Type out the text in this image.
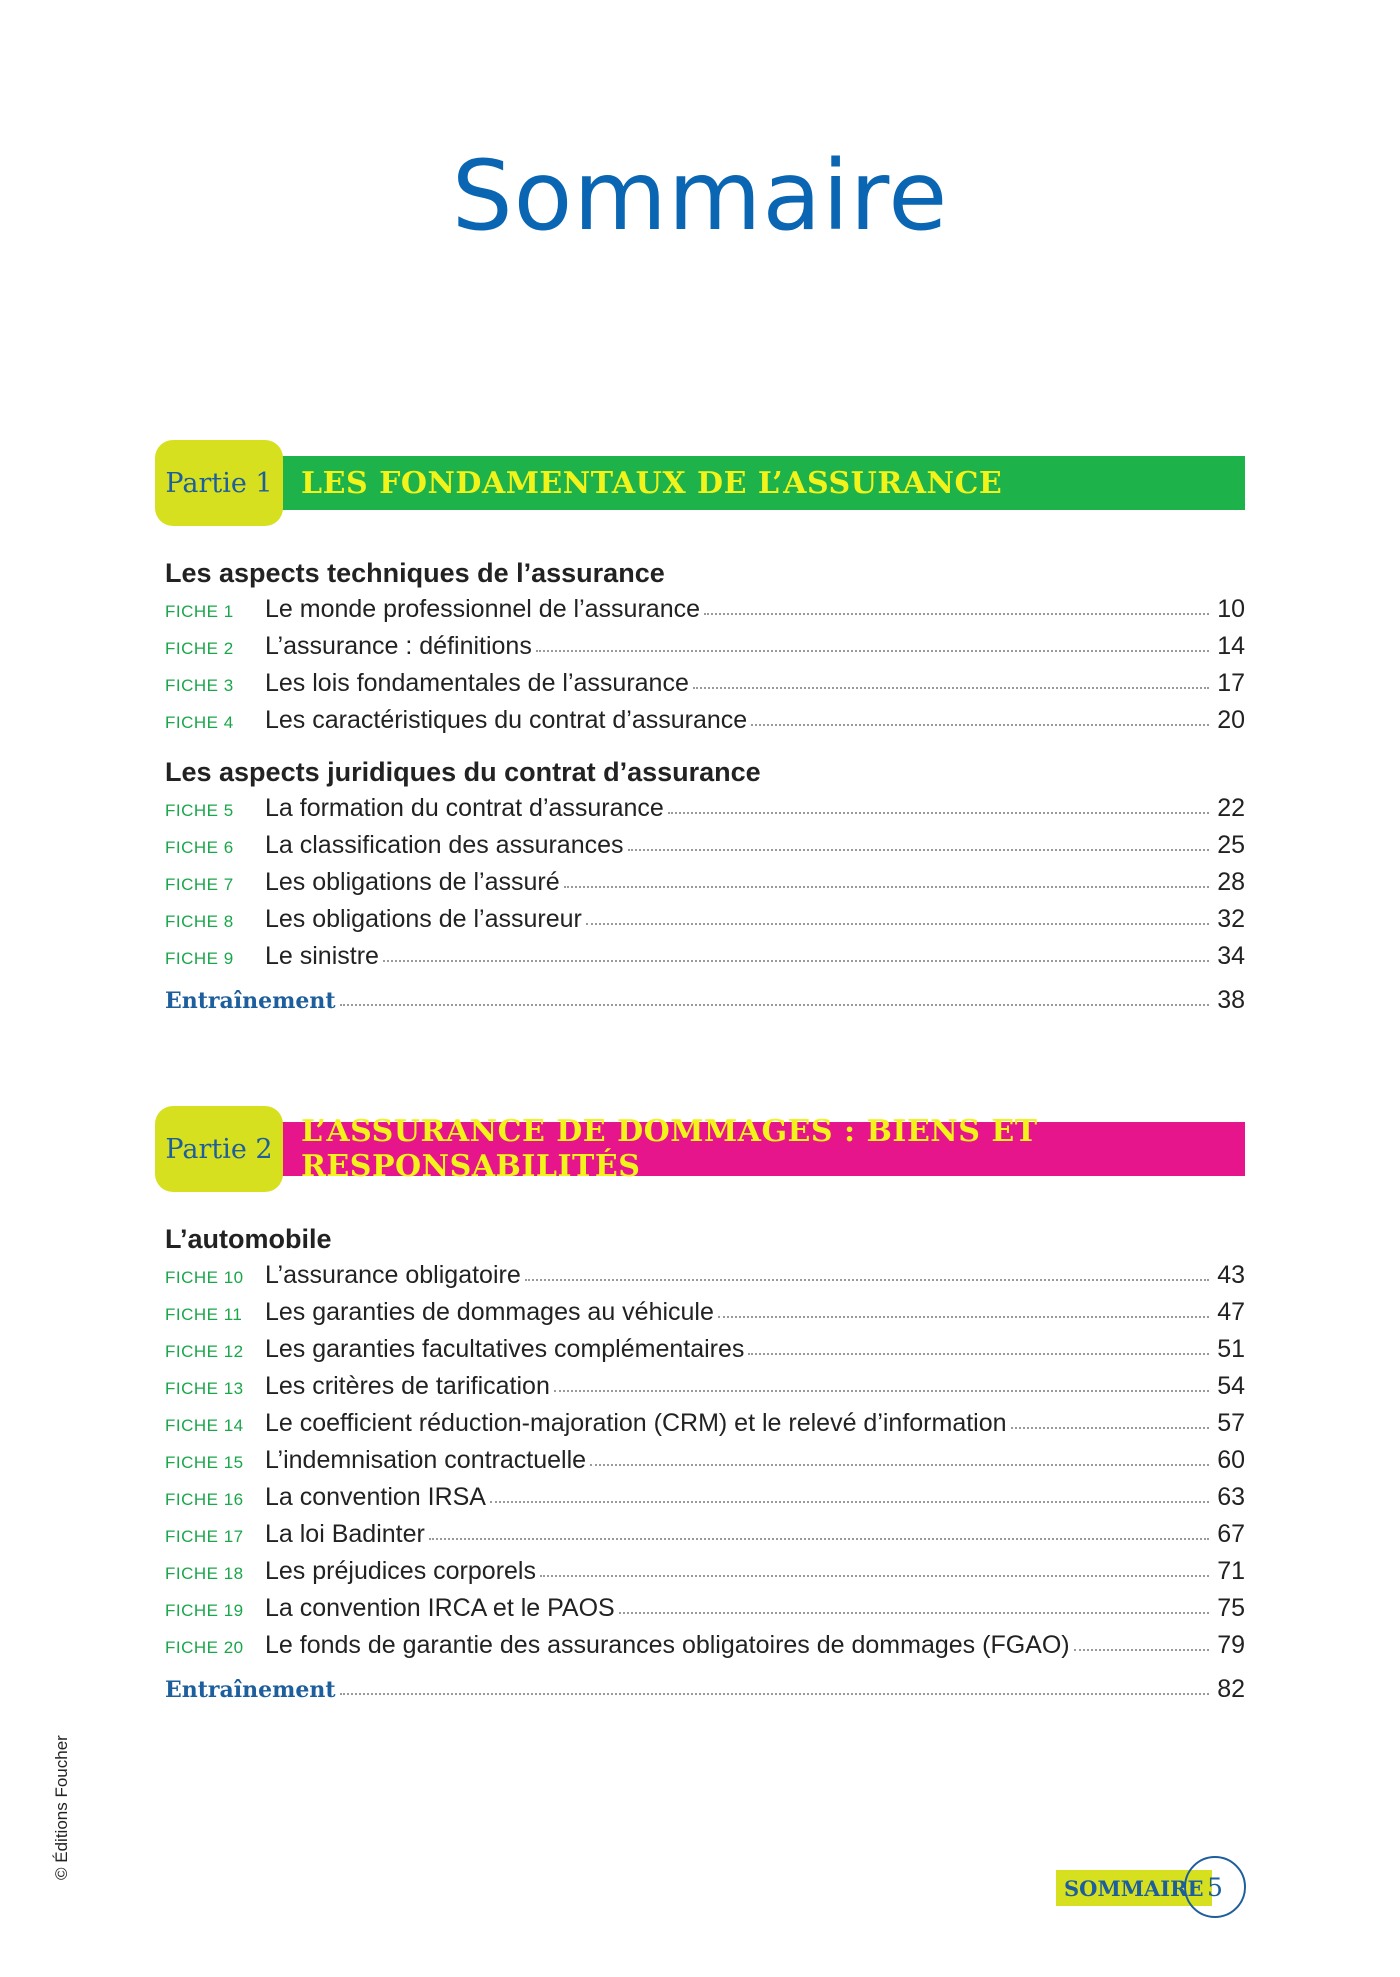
Sommaire
Partie 1 LES FONDAMENTAUX DE L’ASSURANCE
Les aspects techniques de l’assurance
FICHE 1	Le monde professionnel de l’assurance	10
FICHE 2	L’assurance : définitions	14
FICHE 3	Les lois fondamentales de l’assurance	17
FICHE 4	Les caractéristiques du contrat d’assurance	20
Les aspects juridiques du contrat d’assurance
FICHE 5	La formation du contrat d’assurance	22
FICHE 6	La classification des assurances	25
FICHE 7	Les obligations de l’assuré	28
FICHE 8	Les obligations de l’assureur	32
FICHE 9	Le sinistre	34
Entraînement	38
Partie 2 L’ASSURANCE DE DOMMAGES : BIENS ET RESPONSABILITÉS
L’automobile
FICHE 10 L’assurance obligatoire	43
FICHE 11 Les garanties de dommages au véhicule	47
FICHE 12 Les garanties facultatives complémentaires	51
FICHE 13 Les critères de tarification	54
FICHE 14 Le coefficient réduction-majoration (CRM) et le relevé d’information	57
FICHE 15 L’indemnisation contractuelle	60
FICHE 16 La convention IRSA	63
FICHE 17 La loi Badinter	67
FICHE 18 Les préjudices corporels	71
FICHE 19 La convention IRCA et le PAOS	75
FICHE 20 Le fonds de garantie des assurances obligatoires de dommages (FGAO)	79
Entraînement	82
© Éditions Foucher
SOMMAIRE 5
